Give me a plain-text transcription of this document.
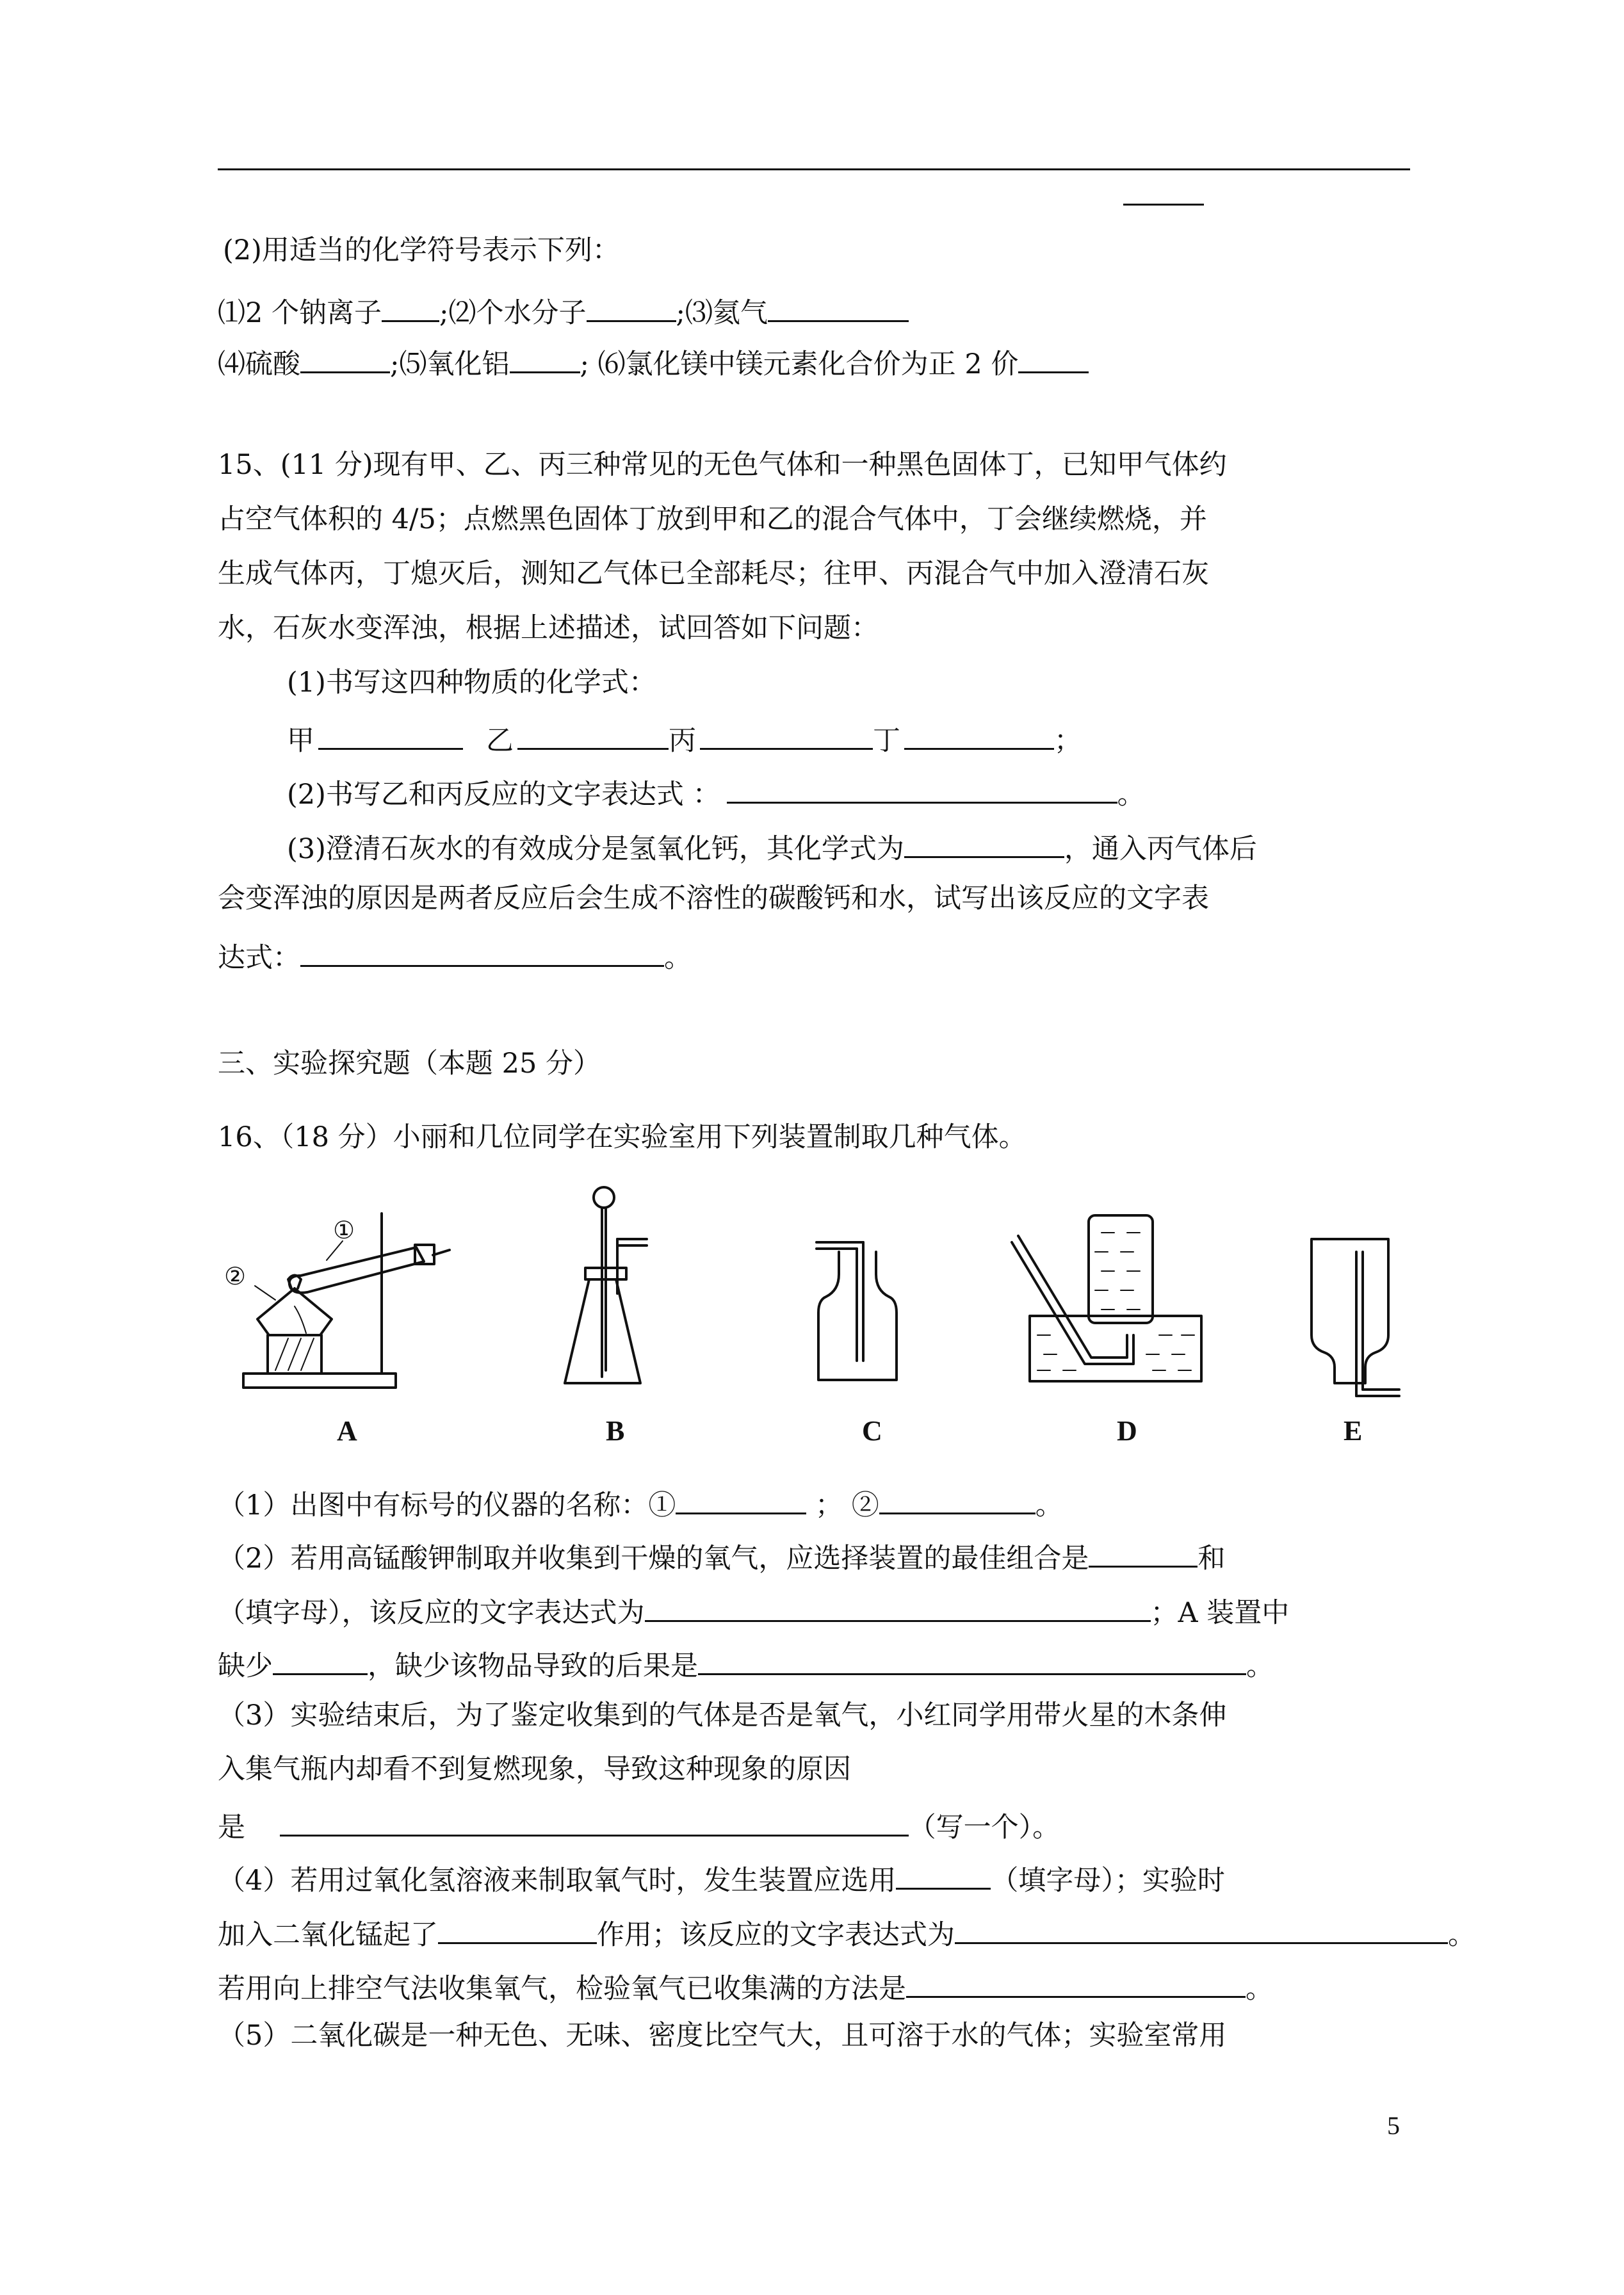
(2)用适当的化学符号表示下列：
⑴2 个钠离子 ;⑵个水分子	;⑶氦气
⑷硫酸	;⑸氧化铝	; ⑹氯化镁中镁元素化合价为正 2 价
15、(11 分)现有甲、乙、丙三种常见的无色气体和一种黑色固体丁，已知甲气体约
占空气体积的 4/5；点燃黑色固体丁放到甲和乙的混合气体中，丁会继续燃烧，并
生成气体丙，丁熄灭后，测知乙气体已全部耗尽；往甲、丙混合气中加入澄清石灰
水，石灰水变浑浊，根据上述描述，试回答如下问题：
(1)书写这四种物质的化学式：
甲	乙	丙	丁	；
(2)书写乙和丙反应的文字表达式 ：	。
(3)澄清石灰水的有效成分是氢氧化钙，其化学式为	，通入丙气体后
会变浑浊的原因是两者反应后会生成不溶性的碳酸钙和水，试写出该反应的文字表
达式：	。
三、实验探究题（本题 25 分）
16、（18 分）小丽和几位同学在实验室用下列装置制取几种气体。
①
②
A	B	C	D	E
（1）出图中有标号的仪器的名称：①	； ②	。
（2）若用高锰酸钾制取并收集到干燥的氧气，应选择装置的最佳组合是	和
（填字母），该反应的文字表达式为	；A 装置中
缺少	，缺少该物品导致的后果是	。
（3）实验结束后，为了鉴定收集到的气体是否是氧气，小红同学用带火星的木条伸
入集气瓶内却看不到复燃现象，导致这种现象的原因
是	（写一个）。
（4）若用过氧化氢溶液来制取氧气时，发生装置应选用	（填字母）；实验时
加入二氧化锰起了	作用；该反应的文字表达式为	。
若用向上排空气法收集氧气，检验氧气已收集满的方法是	。
（5）二氧化碳是一种无色、无味、密度比空气大，且可溶于水的气体；实验室常用
5
